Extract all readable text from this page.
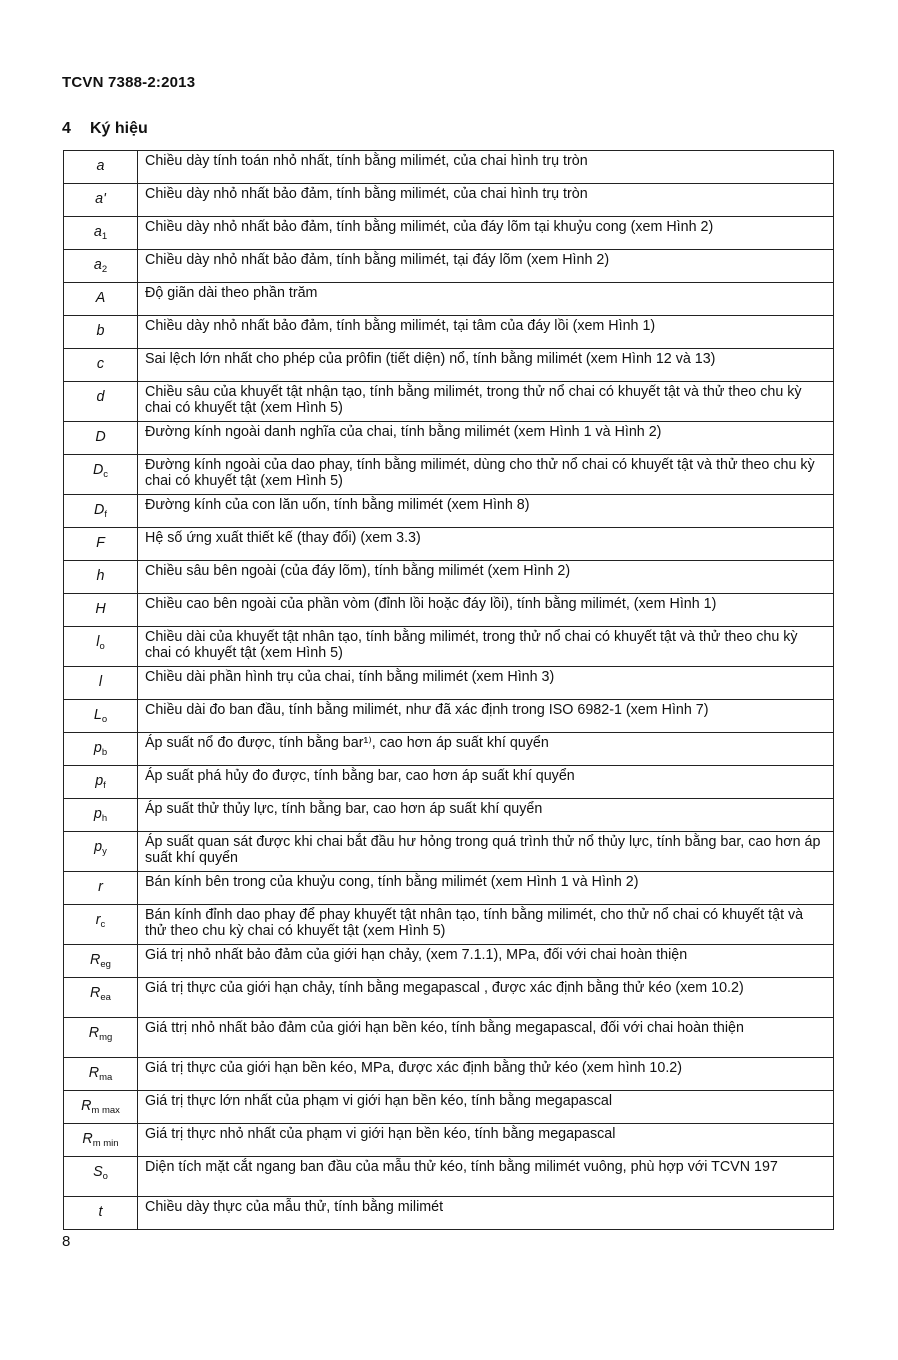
TCVN 7388-2:2013
4 Ký hiệu
a	Chiều dày tính toán nhỏ nhất, tính bằng milimét, của chai hình trụ tròn
a'	Chiều dày nhỏ nhất bảo đảm, tính bằng milimét, của chai hình trụ tròn
$a_1$	Chiều dày nhỏ nhất bảo đảm, tính bằng milimét, của đáy lõm tại khuỷu cong (xem Hình 2)
$a_2$	Chiều dày nhỏ nhất bảo đảm, tính bằng milimét, tại đáy lõm (xem Hình 2)
A	Độ giãn dài theo phần trăm
b	Chiều dày nhỏ nhất bảo đảm, tính bằng milimét, tại tâm của đáy lồi (xem Hình 1)
c	Sai lệch lớn nhất cho phép của prôfin (tiết diện) nổ, tính bằng milimét (xem Hình 12 và 13)
d	Chiều sâu của khuyết tật nhận tạo, tính bằng milimét, trong thử nổ chai có khuyết tật và thử theo chu kỳ chai có khuyết tật (xem Hình 5)
D	Đường kính ngoài danh nghĩa của chai, tính bằng milimét (xem Hình 1 và Hình 2)
$D_c$	Đường kính ngoài của dao phay, tính bằng milimét, dùng cho thử nổ chai có khuyết tật và thử theo chu kỳ chai có khuyết tật (xem Hình 5)
$D_f$	Đường kính của con lăn uốn, tính bằng milimét (xem Hình 8)
F	Hệ số ứng xuất thiết kế (thay đổi) (xem 3.3)
h	Chiều sâu bên ngoài (của đáy lõm), tính bằng milimét (xem Hình 2)
H	Chiều cao bên ngoài của phần vòm (đỉnh lồi hoặc đáy lồi), tính bằng milimét, (xem Hình 1)
$l_o$	Chiều dài của khuyết tật nhân tạo, tính bằng milimét, trong thử nổ chai có khuyết tật và thử theo chu kỳ chai có khuyết tật (xem Hình 5)
l	Chiều dài phần hình trụ của chai, tính bằng milimét (xem Hình 3)
$L_o$	Chiều dài đo ban đầu, tính bằng milimét, như đã xác định trong ISO 6982-1 (xem Hình 7)
$p_b$	Áp suất nổ đo được, tính bằng bar¹⁾, cao hơn áp suất khí quyển
$p_f$	Áp suất phá hủy đo được, tính bằng bar, cao hơn áp suất khí quyển
$p_h$	Áp suất thử thủy lực, tính bằng bar, cao hơn áp suất khí quyển
$p_y$	Áp suất quan sát được khi chai bắt đầu hư hỏng trong quá trình thử nổ thủy lực, tính bằng bar, cao hơn áp suất khí quyển
r	Bán kính bên trong của khuỷu cong, tính bằng milimét (xem Hình 1 và Hình 2)
$r_c$	Bán kính đỉnh dao phay để phay khuyết tật nhân tạo, tính bằng milimét, cho thử nổ chai có khuyết tật và thử theo chu kỳ chai có khuyết tật (xem Hình 5)
$R_{eg}$	Giá trị nhỏ nhất bảo đảm của giới hạn chảy, (xem 7.1.1), MPa, đối với chai hoàn thiện
$R_{ea}$	Giá trị thực của giới hạn chảy, tính bằng megapascal , được xác định bằng thử kéo (xem 10.2)
$R_{mg}$	Giá ttrị nhỏ nhất bảo đảm của giới hạn bền kéo, tính bằng megapascal, đối với chai hoàn thiện
$R_{ma}$	Giá trị thực của giới hạn bền kéo, MPa, được xác định bằng thử kéo (xem hình 10.2)
$R_{m max}$	Giá trị thực lớn nhất của phạm vi giới hạn bền kéo, tính bằng megapascal
$R_{m min}$	Giá trị thực nhỏ nhất của phạm vi giới hạn bền kéo, tính bằng megapascal
$S_o$	Diện tích mặt cắt ngang ban đầu của mẫu thử kéo, tính bằng milimét vuông, phù hợp với TCVN 197
t	Chiều dày thực của mẫu thử, tính bằng milimét
8
